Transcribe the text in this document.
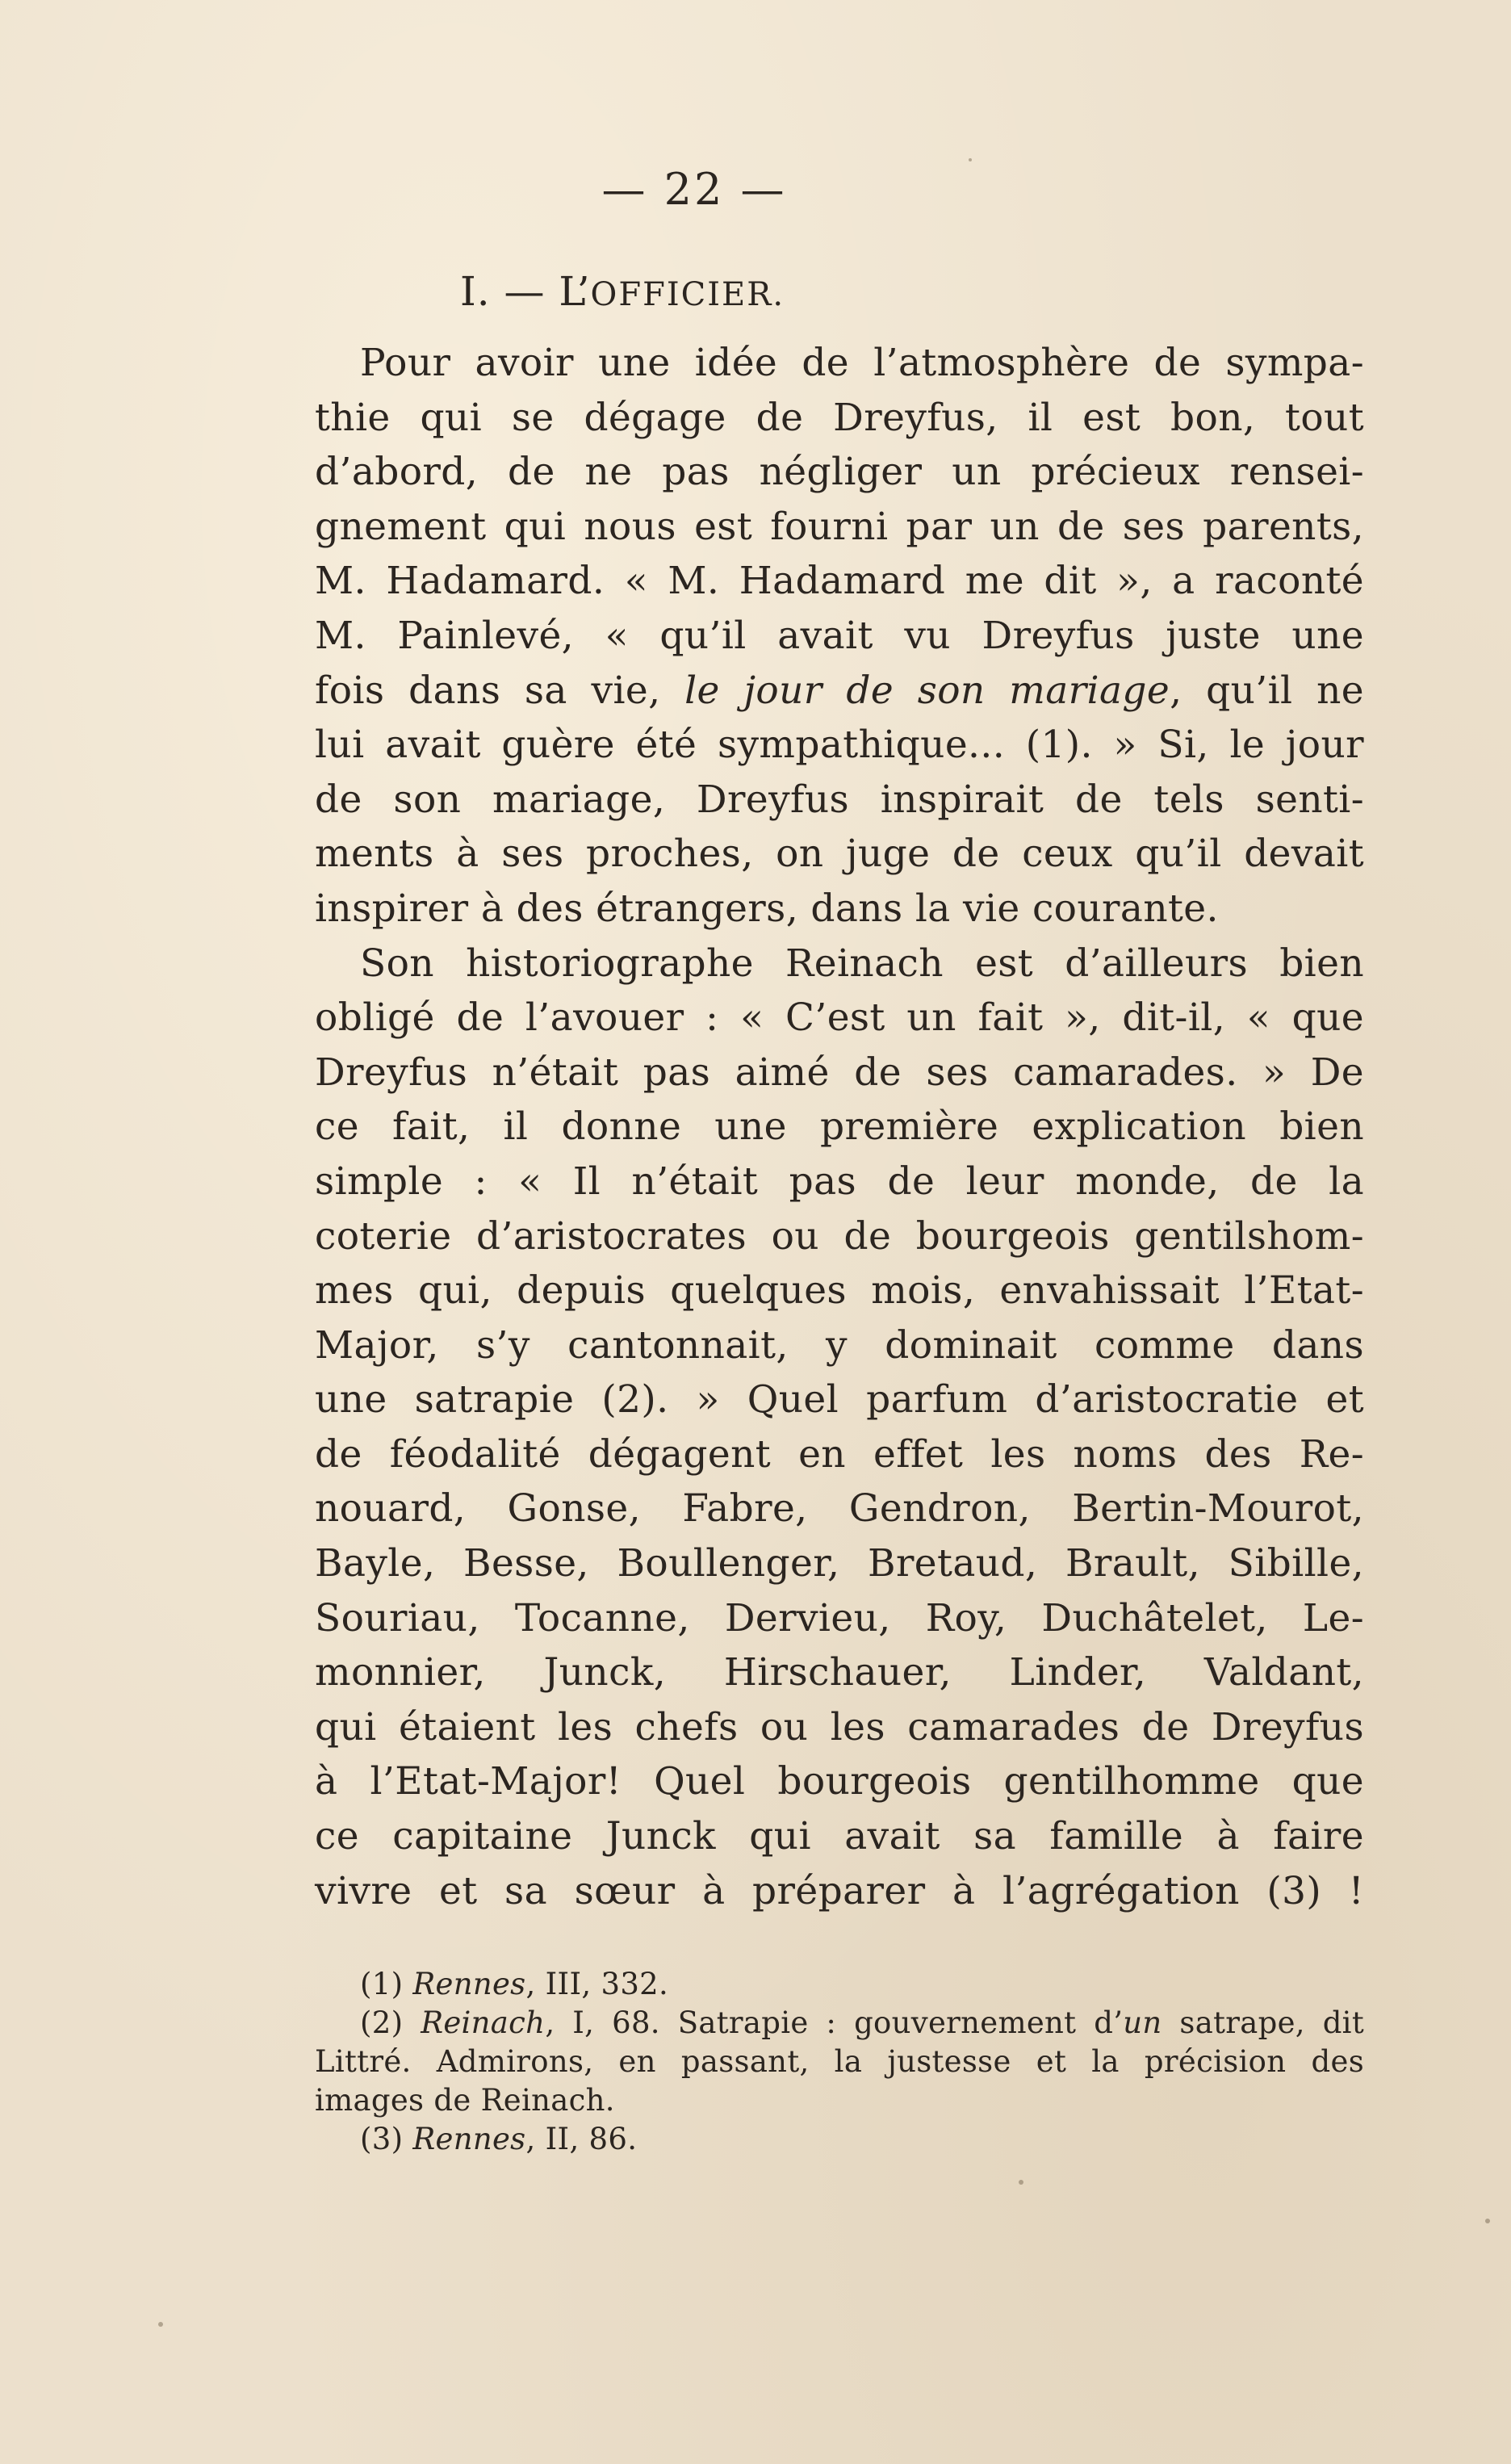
— 22 —
I. — L’OFFICIER.
Pour avoir une idée de l’atmosphère de sympa-
thie qui se dégage de Dreyfus, il est bon, tout
d’abord, de ne pas négliger un précieux rensei-
gnement qui nous est fourni par un de ses parents,
M. Hadamard. « M. Hadamard me dit », a raconté
M. Painlevé, « qu’il avait vu Dreyfus juste une
fois dans sa vie, le jour de son mariage, qu’il ne
lui avait guère été sympathique... (1). » Si, le jour
de son mariage, Dreyfus inspirait de tels senti-
ments à ses proches, on juge de ceux qu’il devait
inspirer à des étrangers, dans la vie courante.
Son historiographe Reinach est d’ailleurs bien
obligé de l’avouer : « C’est un fait », dit-il, « que
Dreyfus n’était pas aimé de ses camarades. » De
ce fait, il donne une première explication bien
simple : « Il n’était pas de leur monde, de la
coterie d’aristocrates ou de bourgeois gentilshom-
mes qui, depuis quelques mois, envahissait l’Etat-
Major, s’y cantonnait, y dominait comme dans
une satrapie (2). » Quel parfum d’aristocratie et
de féodalité dégagent en effet les noms des Re-
nouard, Gonse, Fabre, Gendron, Bertin-Mourot,
Bayle, Besse, Boullenger, Bretaud, Brault, Sibille,
Souriau, Tocanne, Dervieu, Roy, Duchâtelet, Le-
monnier, Junck, Hirschauer, Linder, Valdant,
qui étaient les chefs ou les camarades de Dreyfus
à l’Etat-Major! Quel bourgeois gentilhomme que
ce capitaine Junck qui avait sa famille à faire
vivre et sa sœur à préparer à l’agrégation (3) !
(1) Rennes, III, 332.
(2) Reinach, I, 68. Satrapie : gouvernement d’un satrape, dit
Littré. Admirons, en passant, la justesse et la précision des
images de Reinach.
(3) Rennes, II, 86.
